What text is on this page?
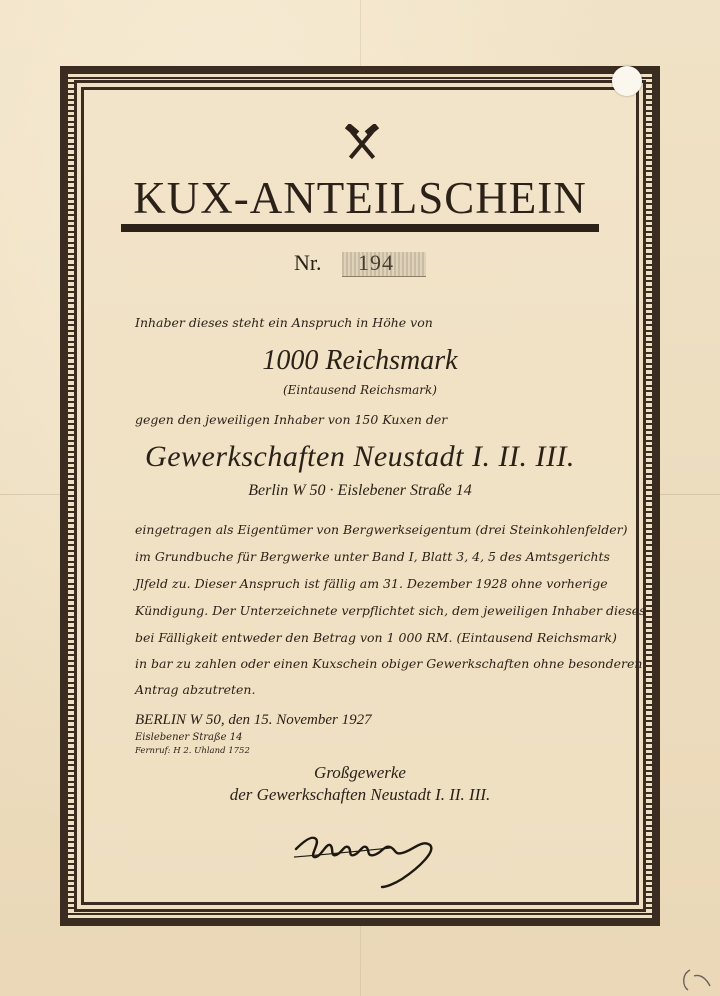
KUX-ANTEILSCHEIN
Nr. 194
Inhaber dieses steht ein Anspruch in Höhe von
1000 Reichsmark
(Eintausend Reichsmark)
gegen den jeweiligen Inhaber von 150 Kuxen der
Gewerkschaften Neustadt I. II. III.
Berlin W 50 · Eislebener Straße 14
eingetragen als Eigentümer von Bergwerkseigentum (drei Steinkohlenfelder)
im Grundbuche für Bergwerke unter Band I, Blatt 3, 4, 5 des Amtsgerichts
Jlfeld zu. Dieser Anspruch ist fällig am 31. Dezember 1928 ohne vorherige
Kündigung. Der Unterzeichnete verpflichtet sich, dem jeweiligen Inhaber dieses
bei Fälligkeit entweder den Betrag von 1 000 RM. (Eintausend Reichsmark)
in bar zu zahlen oder einen Kuxschein obiger Gewerkschaften ohne besonderen
Antrag abzutreten.
BERLIN W 50, den 15. November 1927
Eislebener Straße 14
Fernruf: H 2. Uhland 1752
Großgewerke
der Gewerkschaften Neustadt I. II. III.
